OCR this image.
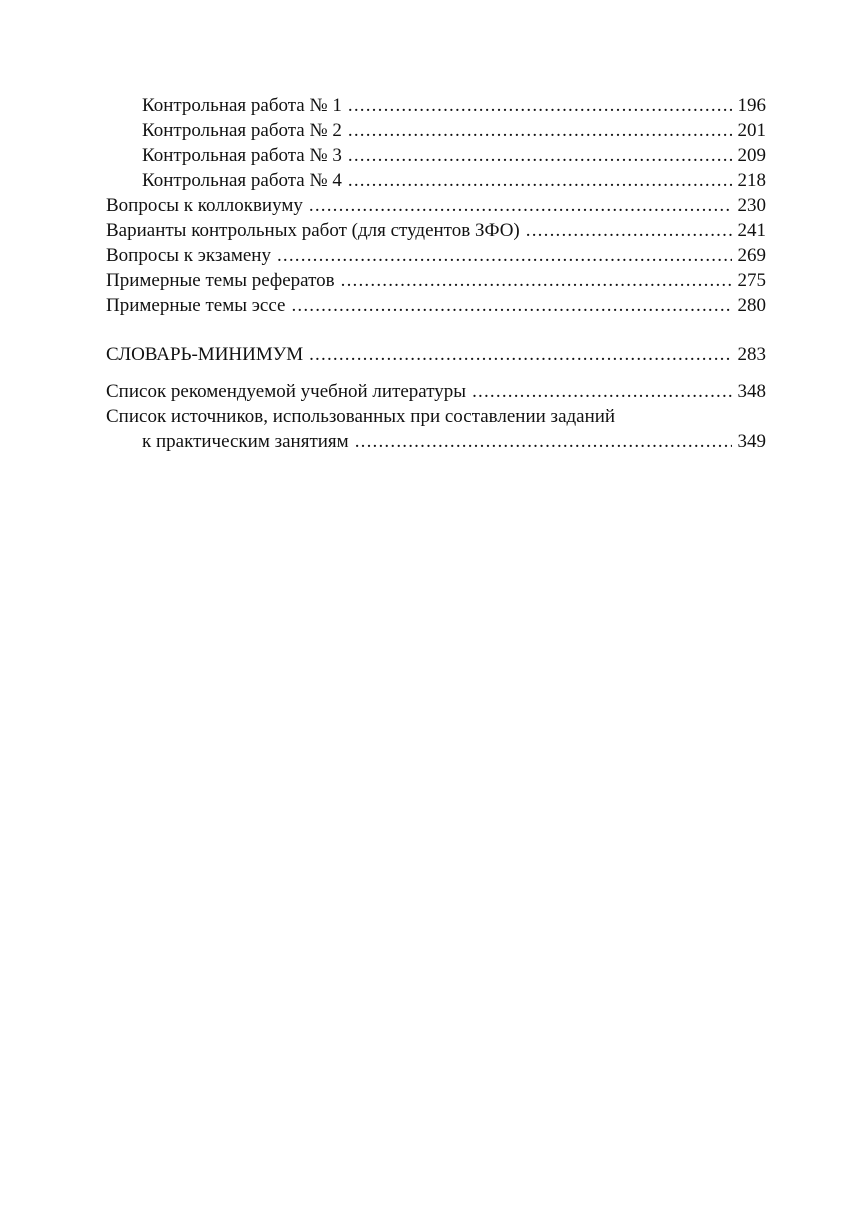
Контрольная работа № 1 .....	196
Контрольная работа № 2 .....	201
Контрольная работа № 3 .....	209
Контрольная работа № 4 .....	218
Вопросы к коллоквиуму .....	230
Варианты контрольных работ (для студентов ЗФО) .....	241
Вопросы к экзамену .....	269
Примерные темы рефератов .....	275
Примерные темы эссе .....	280
СЛОВАРЬ-МИНИМУМ .....	283
Список рекомендуемой учебной литературы .....	348
Список источников, использованных при составлении заданий
к практическим занятиям .....	349
